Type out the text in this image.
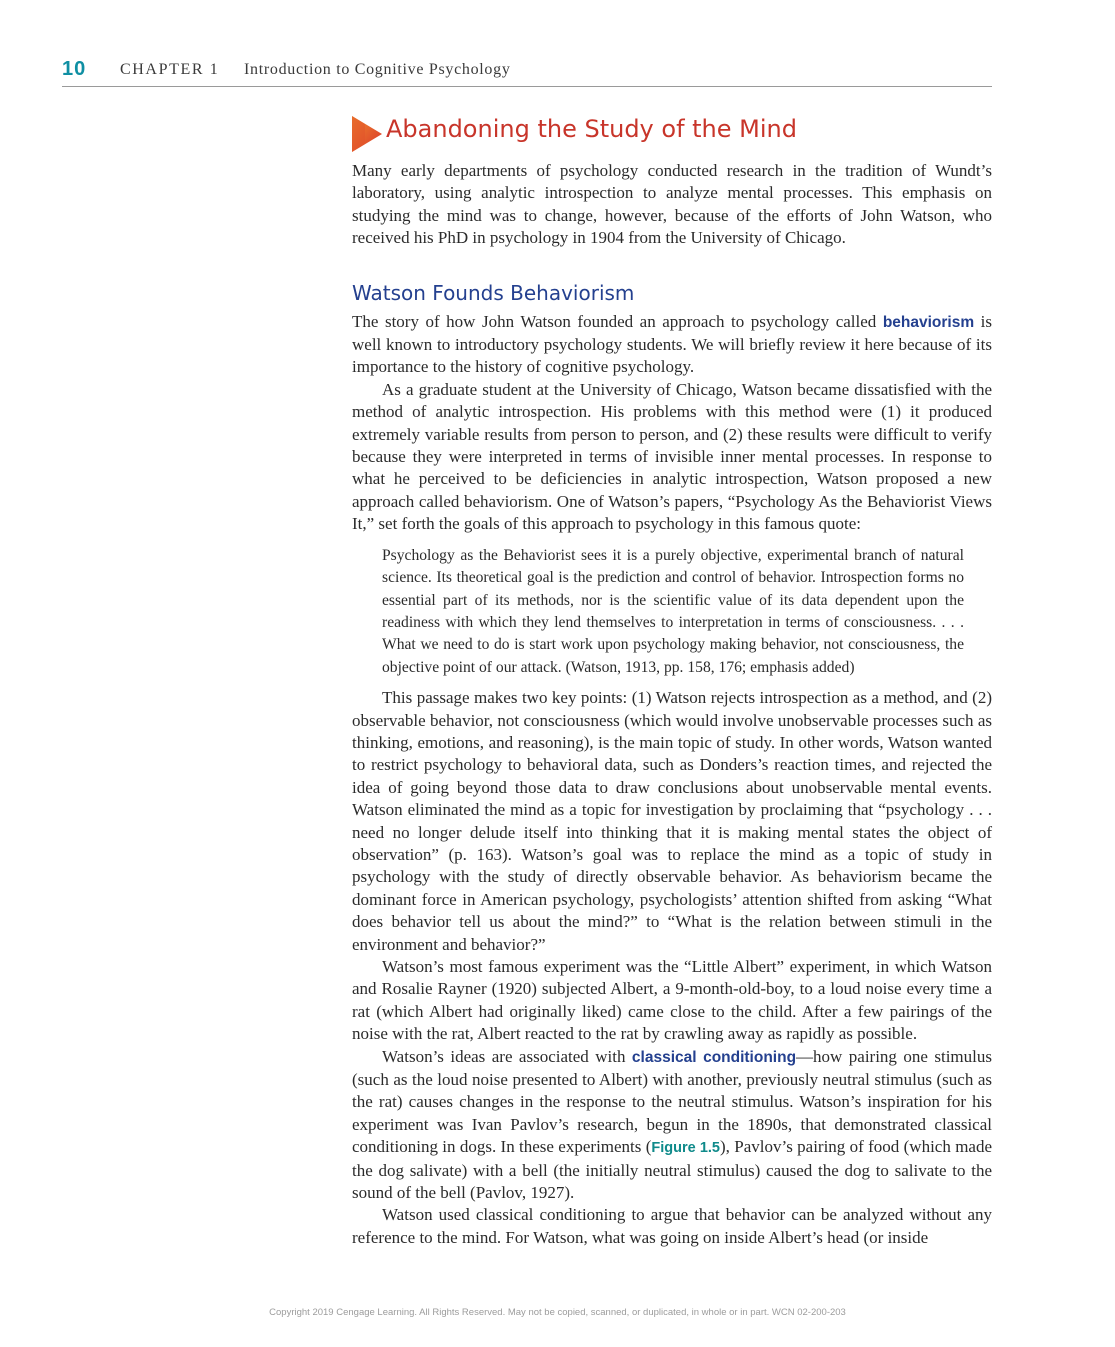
10 CHAPTER 1 Introduction to Cognitive Psychology
Abandoning the Study of the Mind

Many early departments of psychology conducted research in the tradition of Wundt’s laboratory, using analytic introspection to analyze mental processes. This emphasis on studying the mind was to change, however, because of the efforts of John Watson, who received his PhD in psychology in 1904 from the University of Chicago.

Watson Founds Behaviorism

The story of how John Watson founded an approach to psychology called behaviorism is well known to introductory psychology students. We will briefly review it here because of its importance to the history of cognitive psychology.

As a graduate student at the University of Chicago, Watson became dissatisfied with the method of analytic introspection. His problems with this method were (1) it produced extremely variable results from person to person, and (2) these results were difficult to verify because they were interpreted in terms of invisible inner mental processes. In response to what he perceived to be deficiencies in analytic introspection, Watson proposed a new approach called behaviorism. One of Watson’s papers, “Psychology As the Behaviorist Views It,” set forth the goals of this approach to psychology in this famous quote:

Psychology as the Behaviorist sees it is a purely objective, experimental branch of natural science. Its theoretical goal is the prediction and control of behavior. Introspection forms no essential part of its methods, nor is the scientific value of its data dependent upon the readiness with which they lend themselves to interpretation in terms of consciousness. . . . What we need to do is start work upon psychology making behavior, not consciousness, the objective point of our attack. (Watson, 1913, pp. 158, 176; emphasis added)

This passage makes two key points: (1) Watson rejects introspection as a method, and (2) observable behavior, not consciousness (which would involve unobservable processes such as thinking, emotions, and reasoning), is the main topic of study. In other words, Watson wanted to restrict psychology to behavioral data, such as Donders’s reaction times, and rejected the idea of going beyond those data to draw conclusions about unobservable mental events. Watson eliminated the mind as a topic for investigation by proclaiming that “psychology . . . need no longer delude itself into thinking that it is making mental states the object of observation” (p. 163). Watson’s goal was to replace the mind as a topic of study in psychology with the study of directly observable behavior. As behaviorism became the dominant force in American psychology, psychologists’ attention shifted from asking “What does behavior tell us about the mind?” to “What is the relation between stimuli in the environment and behavior?”

Watson’s most famous experiment was the “Little Albert” experiment, in which Watson and Rosalie Rayner (1920) subjected Albert, a 9-month-old-boy, to a loud noise every time a rat (which Albert had originally liked) came close to the child. After a few pairings of the noise with the rat, Albert reacted to the rat by crawling away as rapidly as possible.

Watson’s ideas are associated with classical conditioning—how pairing one stimulus (such as the loud noise presented to Albert) with another, previously neutral stimulus (such as the rat) causes changes in the response to the neutral stimulus. Watson’s inspiration for his experiment was Ivan Pavlov’s research, begun in the 1890s, that demonstrated classical conditioning in dogs. In these experiments (Figure 1.5), Pavlov’s pairing of food (which made the dog salivate) with a bell (the initially neutral stimulus) caused the dog to salivate to the sound of the bell (Pavlov, 1927).

Watson used classical conditioning to argue that behavior can be analyzed without any reference to the mind. For Watson, what was going on inside Albert’s head (or inside

Copyright 2019 Cengage Learning. All Rights Reserved. May not be copied, scanned, or duplicated, in whole or in part. WCN 02-200-203
